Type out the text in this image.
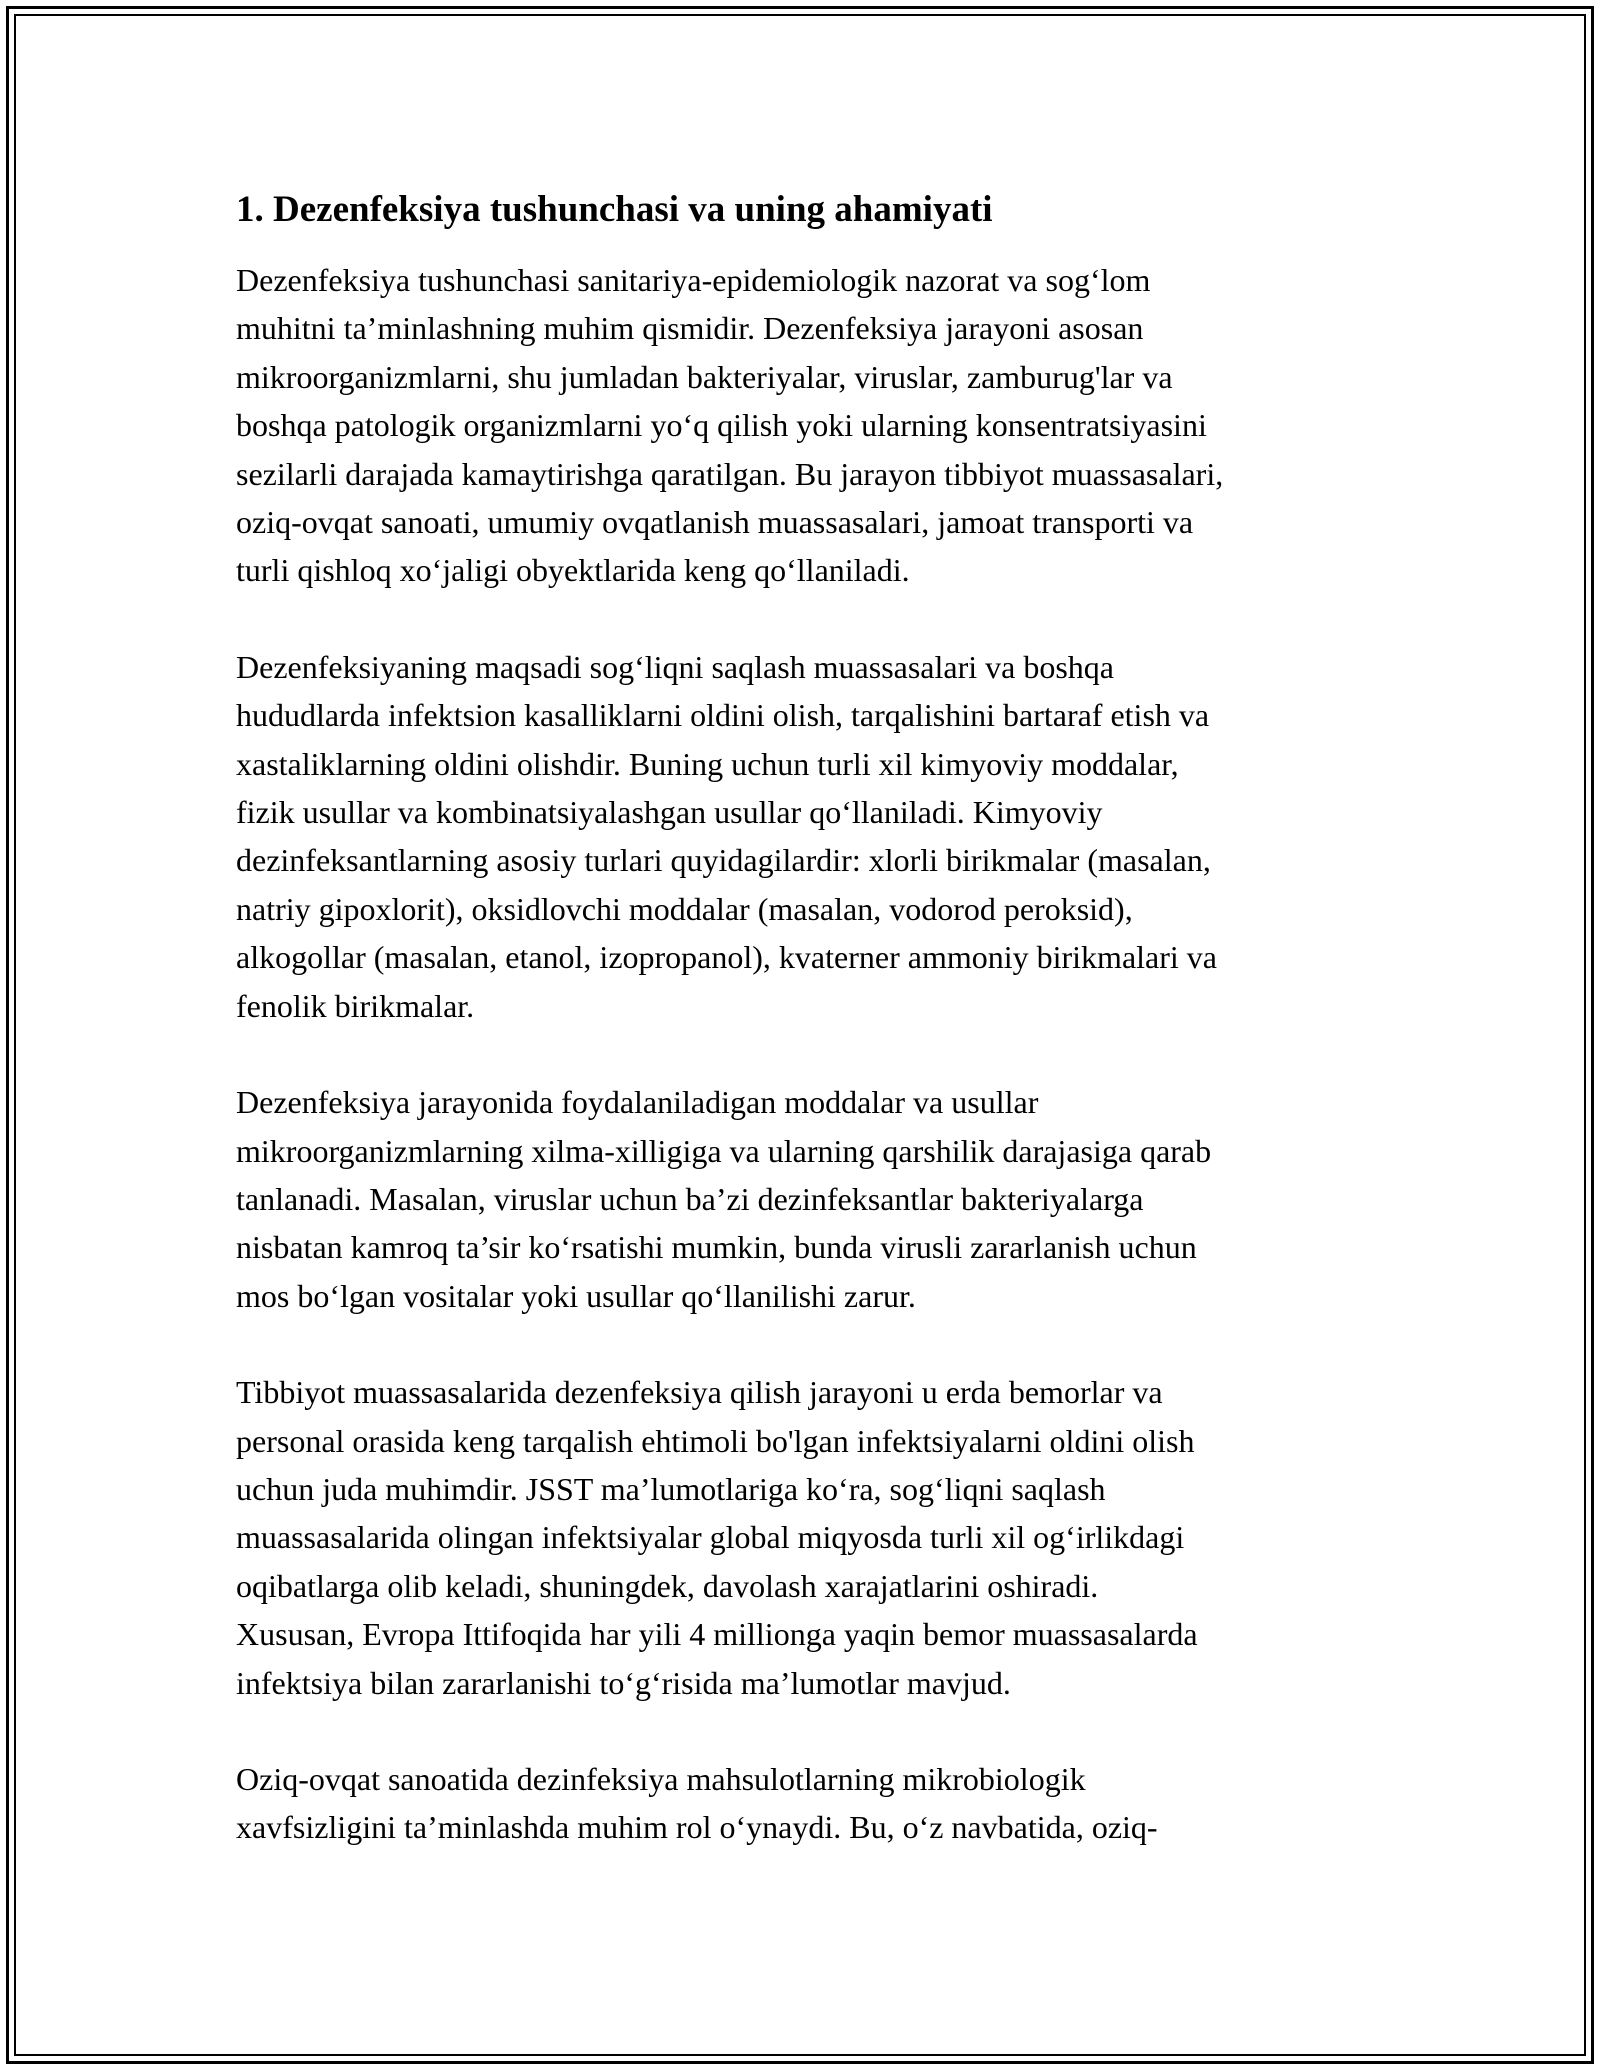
1. Dezenfeksiya tushunchasi va uning ahamiyati
Dezenfeksiya tushunchasi sanitariya-epidemiologik nazorat va sog‘lom
muhitni ta’minlashning muhim qismidir. Dezenfeksiya jarayoni asosan
mikroorganizmlarni, shu jumladan bakteriyalar, viruslar, zamburug'lar va
boshqa patologik organizmlarni yo‘q qilish yoki ularning konsentratsiyasini
sezilarli darajada kamaytirishga qaratilgan. Bu jarayon tibbiyot muassasalari,
oziq-ovqat sanoati, umumiy ovqatlanish muassasalari, jamoat transporti va
turli qishloq xo‘jaligi obyektlarida keng qo‘llaniladi.
Dezenfeksiyaning maqsadi sog‘liqni saqlash muassasalari va boshqa
hududlarda infektsion kasalliklarni oldini olish, tarqalishini bartaraf etish va
xastaliklarning oldini olishdir. Buning uchun turli xil kimyoviy moddalar,
fizik usullar va kombinatsiyalashgan usullar qo‘llaniladi. Kimyoviy
dezinfeksantlarning asosiy turlari quyidagilardir: xlorli birikmalar (masalan,
natriy gipoxlorit), oksidlovchi moddalar (masalan, vodorod peroksid),
alkogollar (masalan, etanol, izopropanol), kvaterner ammoniy birikmalari va
fenolik birikmalar.
Dezenfeksiya jarayonida foydalaniladigan moddalar va usullar
mikroorganizmlarning xilma-xilligiga va ularning qarshilik darajasiga qarab
tanlanadi. Masalan, viruslar uchun ba’zi dezinfeksantlar bakteriyalarga
nisbatan kamroq ta’sir ko‘rsatishi mumkin, bunda virusli zararlanish uchun
mos bo‘lgan vositalar yoki usullar qo‘llanilishi zarur.
Tibbiyot muassasalarida dezenfeksiya qilish jarayoni u erda bemorlar va
personal orasida keng tarqalish ehtimoli bo'lgan infektsiyalarni oldini olish
uchun juda muhimdir. JSST ma’lumotlariga ko‘ra, sog‘liqni saqlash
muassasalarida olingan infektsiyalar global miqyosda turli xil og‘irlikdagi
oqibatlarga olib keladi, shuningdek, davolash xarajatlarini oshiradi.
Xususan, Evropa Ittifoqida har yili 4 millionga yaqin bemor muassasalarda
infektsiya bilan zararlanishi to‘g‘risida ma’lumotlar mavjud.
Oziq-ovqat sanoatida dezinfeksiya mahsulotlarning mikrobiologik
xavfsizligini ta’minlashda muhim rol o‘ynaydi. Bu, o‘z navbatida, oziq-
